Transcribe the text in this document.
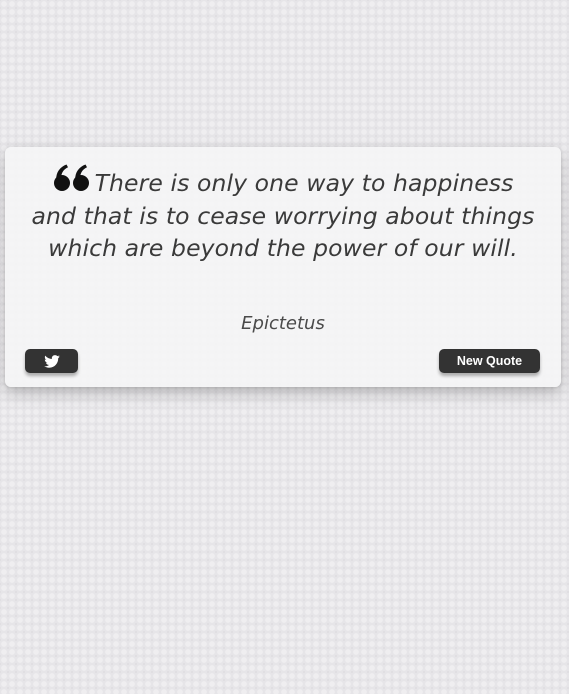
There is only one way to happiness and that is to cease worrying about things which are beyond the power of our will.
Epictetus
New Quote
